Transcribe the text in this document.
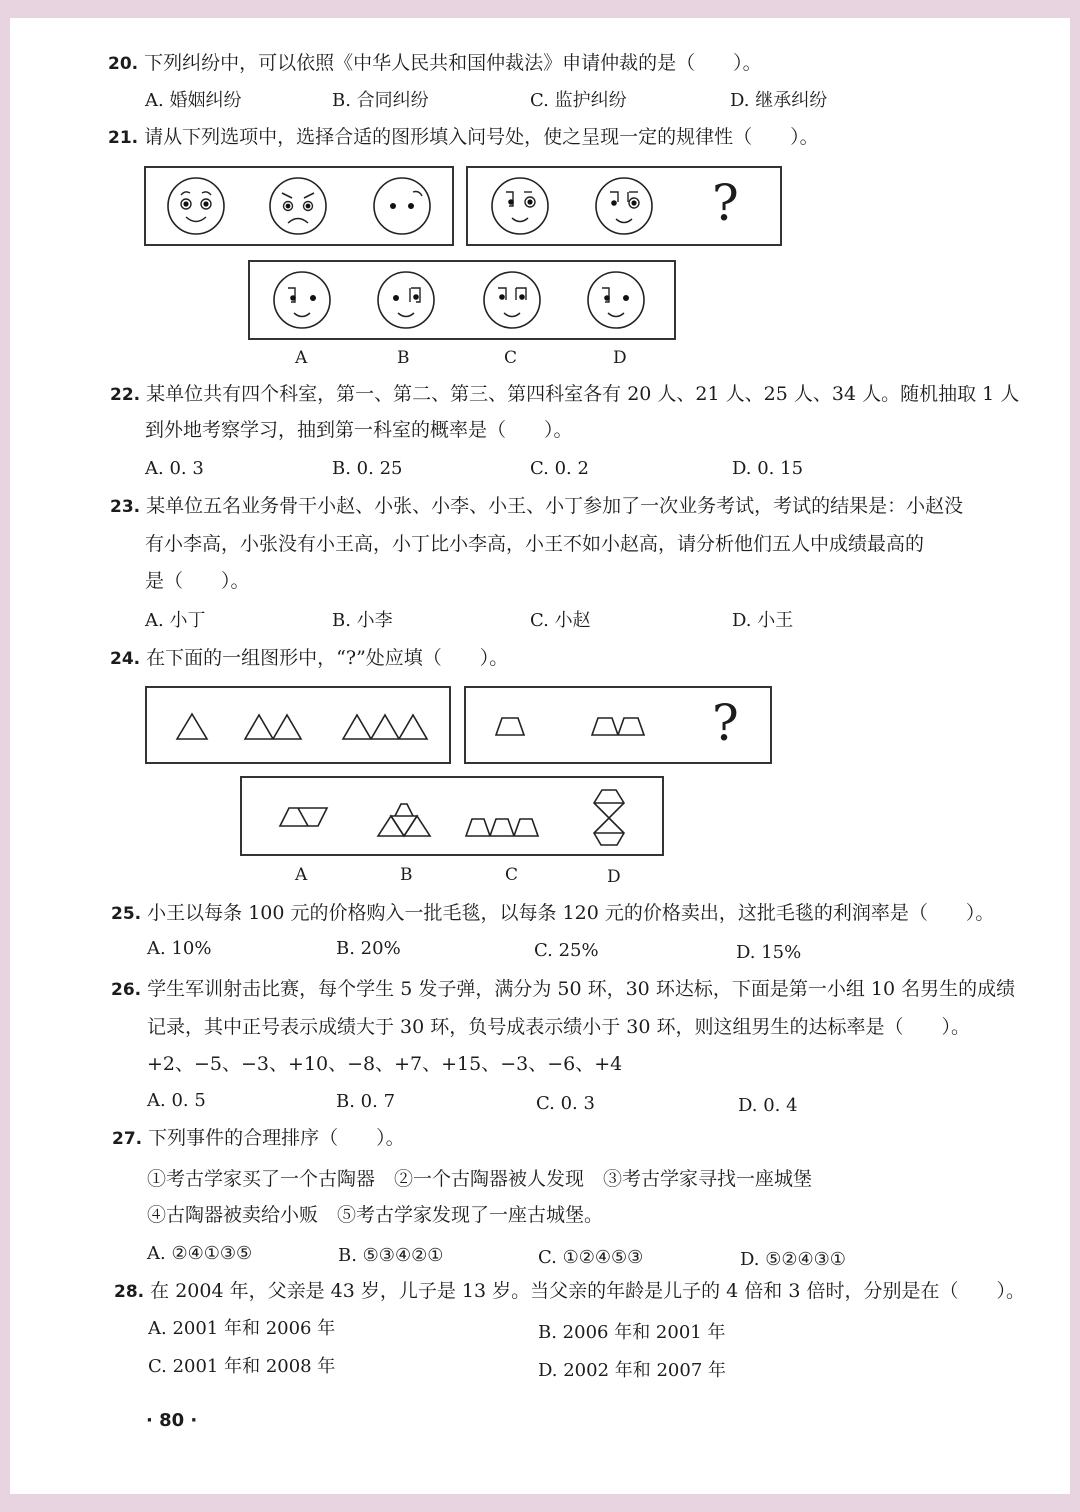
20. 下列纠纷中，可以依照《中华人民共和国仲裁法》申请仲裁的是（　　）。
A. 婚姻纠纷	B. 合同纠纷	C. 监护纠纷	D. 继承纠纷
21. 请从下列选项中，选择合适的图形填入问号处，使之呈现一定的规律性（　　）。
?
A	B	C	D
22. 某单位共有四个科室，第一、第二、第三、第四科室各有 20 人、21 人、25 人、34 人。随机抽取 1 人
到外地考察学习，抽到第一科室的概率是（　　）。
A. 0. 3	B. 0. 25	C. 0. 2	D. 0. 15
23. 某单位五名业务骨干小赵、小张、小李、小王、小丁参加了一次业务考试，考试的结果是：小赵没
有小李高，小张没有小王高，小丁比小李高，小王不如小赵高，请分析他们五人中成绩最高的
是（　　）。
A. 小丁	B. 小李	C. 小赵	D. 小王
24. 在下面的一组图形中，“?”处应填（　　）。
?
A	B	C	D
25. 小王以每条 100 元的价格购入一批毛毯，以每条 120 元的价格卖出，这批毛毯的利润率是（　　）。
A. 10%	B. 20%	C. 25%	D. 15%
26. 学生军训射击比赛，每个学生 5 发子弹，满分为 50 环，30 环达标，下面是第一小组 10 名男生的成绩
记录，其中正号表示成绩大于 30 环，负号成表示绩小于 30 环，则这组男生的达标率是（　　）。
+2、−5、−3、+10、−8、+7、+15、−3、−6、+4
A. 0. 5	B. 0. 7	C. 0. 3	D. 0. 4
27. 下列事件的合理排序（　　）。
①考古学家买了一个古陶器　②一个古陶器被人发现　③考古学家寻找一座城堡
④古陶器被卖给小贩　⑤考古学家发现了一座古城堡。
A. ②④①③⑤	B. ⑤③④②①	C. ①②④⑤③	D. ⑤②④③①
28. 在 2004 年，父亲是 43 岁，儿子是 13 岁。当父亲的年龄是儿子的 4 倍和 3 倍时，分别是在（　　）。
A. 2001 年和 2006 年	B. 2006 年和 2001 年
C. 2001 年和 2008 年	D. 2002 年和 2007 年
· 80 ·
